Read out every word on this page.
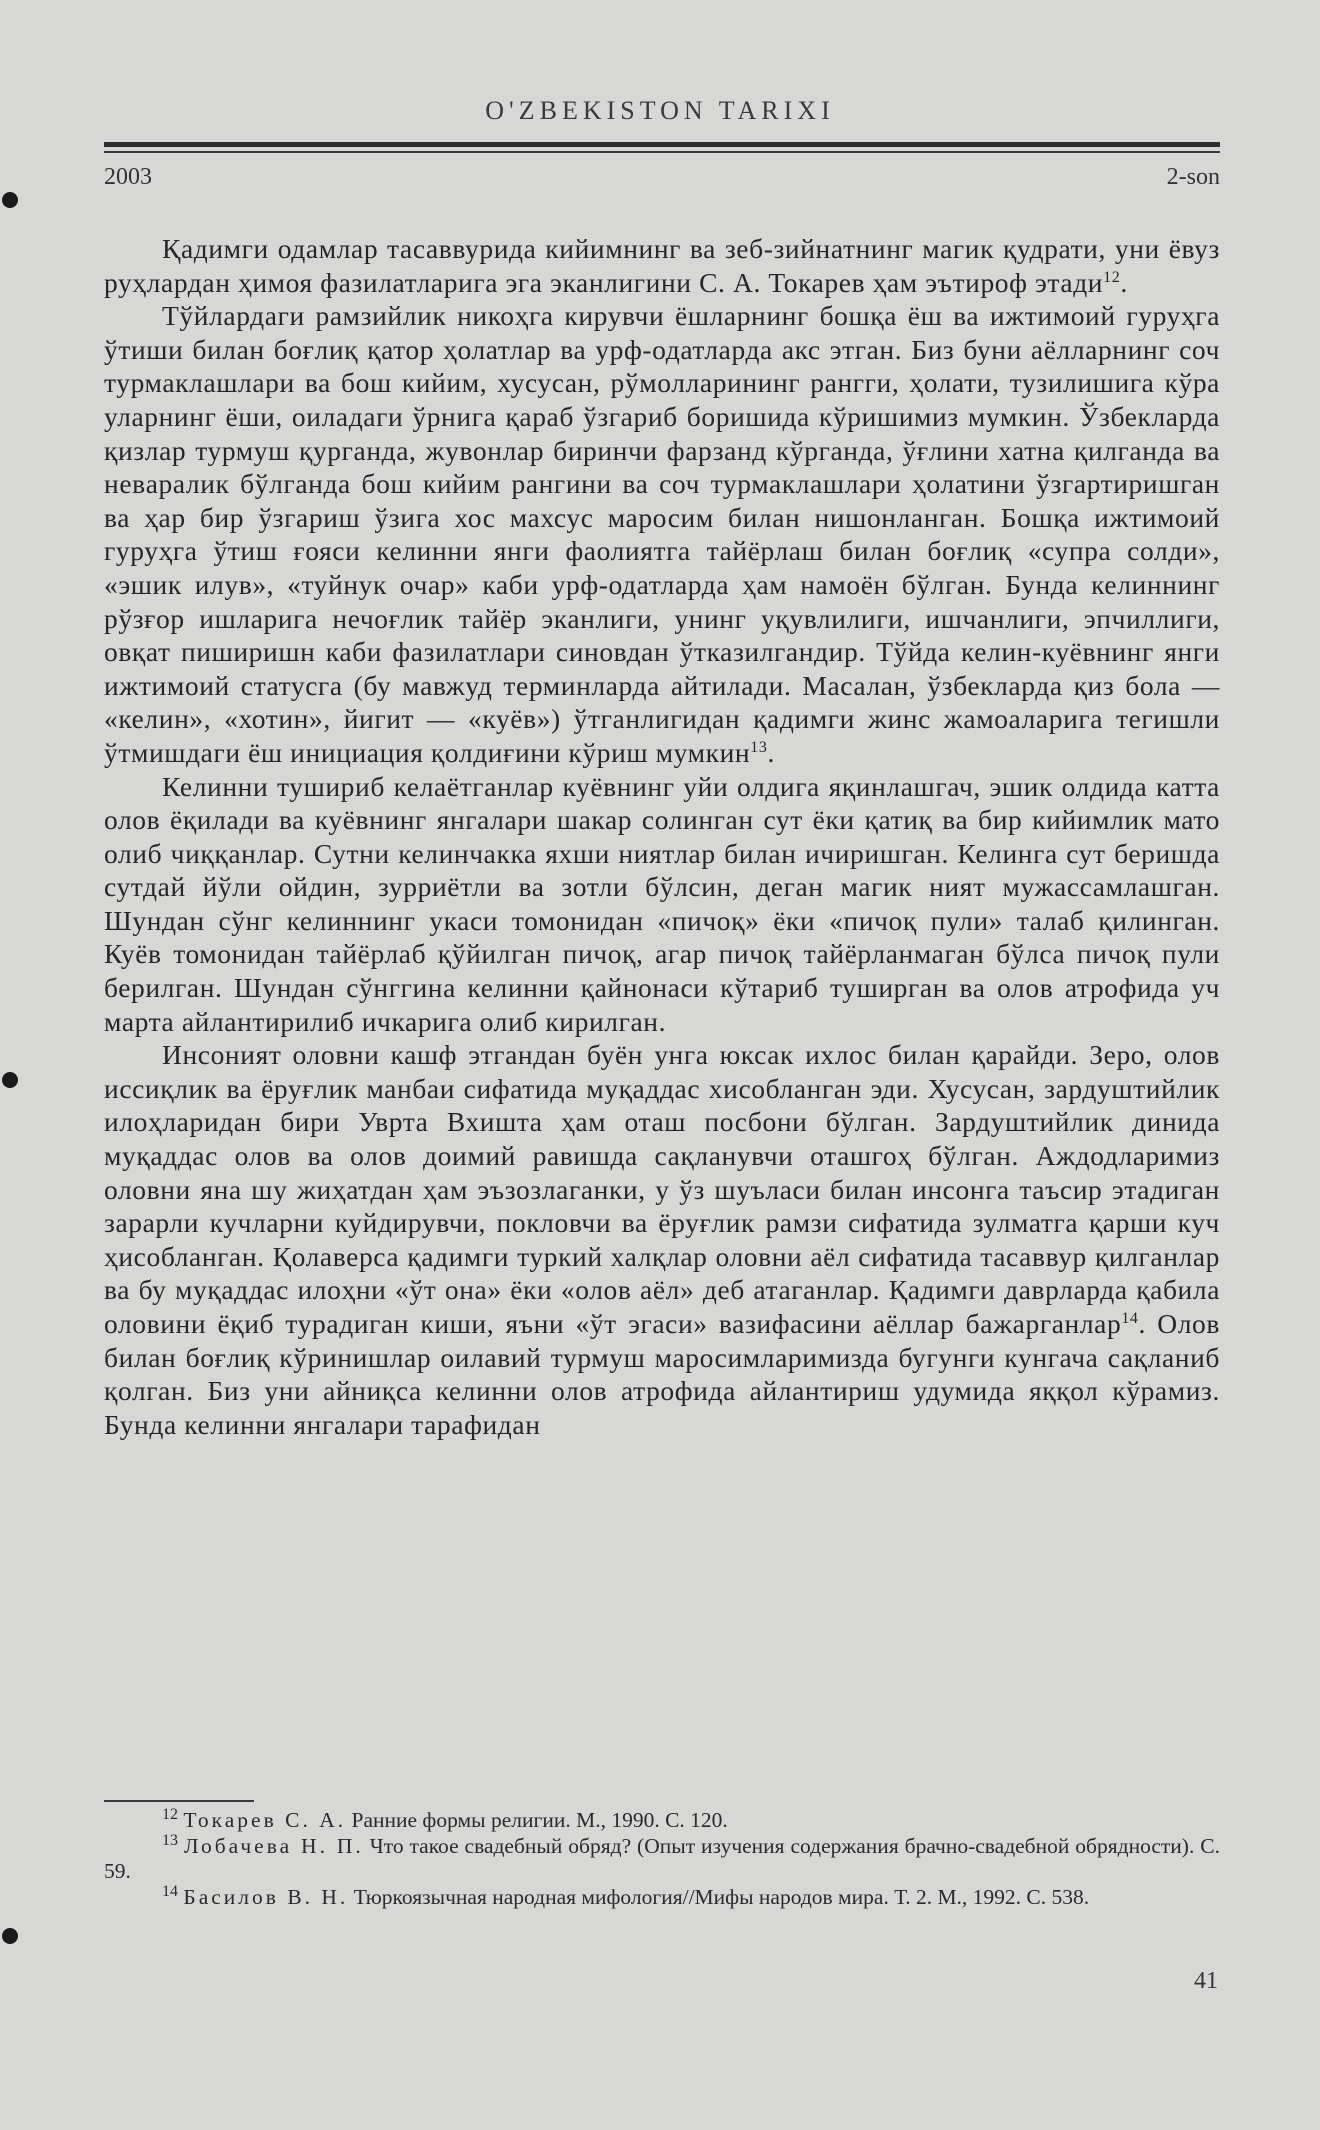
O'ZBEKISTON TARIXI
2003	2-son

Қадимги одамлар тасаввурида кийимнинг ва зеб-зийнатнинг магик қудрати, уни ёвуз руҳлардан ҳимоя фазилатларига эга эканлигини С. А. Токарев ҳам эътироф этади$^{12}$.

Тўйлардаги рамзийлик никоҳга кирувчи ёшларнинг бошқа ёш ва ижтимоий гуруҳга ўтиши билан боғлиқ қатор ҳолатлар ва урф-одатларда акс этган. Биз буни аёлларнинг соч турмаклашлари ва бош кийим, хусусан, рўмолларининг рангги, ҳолати, тузилишига кўра уларнинг ёши, оиладаги ўрнига қараб ўзгариб боришида кўришимиз мумкин. Ўзбекларда қизлар турмуш қурганда, жувонлар биринчи фарзанд кўрганда, ўғлини хатна қилганда ва невaралик бўлганда бош кийим рангини ва соч турмаклашлари ҳолатини ўзгартиришган ва ҳар бир ўзгариш ўзига хос махсус маросим билан нишонланган. Бошқа ижтимоий гуруҳга ўтиш ғояси келинни янги фаолиятга тайёрлаш билан боғлиқ «супра солди», «эшик илув», «туйнук очар» каби урф-одатларда ҳам намоён бўлган. Бунда келиннинг рўзғор ишларига нечоғлик тайёр эканлиги, унинг уқувлилиги, ишчанлиги, эпчиллиги, овқат пиширишн каби фазилатлари синовдан ўтказилгандир. Тўйда келин-куёвнинг янги ижтимоий статусга (бу мавжуд терминларда айтилади. Масалан, ўзбекларда қиз бола — «келин», «хотин», йигит — «куёв») ўтганлигидан қадимги жинс жамоаларига тегишли ўтмишдаги ёш инициация қолдиғини кўриш мумкин$^{13}$.

Келинни тушириб келаётганлар куёвнинг уйи олдига яқинлашгач, эшик олдида катта олов ёқилади ва куёвнинг янгалари шакар солинган сут ёки қатиқ ва бир кийимлик мато олиб чиққанлар. Сутни келинчакка яхши ниятлар билан ичиришган. Келинга сут беришда сутдай йўли ойдин, зурриётли ва зотли бўлсин, деган магик ният мужассамлашган. Шундан сўнг келиннинг укаси томонидан «пичоқ» ёки «пичоқ пули» талаб қилинган. Куёв томонидан тайёрлаб қўйилган пичоқ, агар пичоқ тайёрланмаган бўлса пичоқ пули берилган. Шундан сўнггина келинни қайнонаси кўтариб туширган ва олов атрофида уч марта айлантирилиб ичкарига олиб кирилган.

Инсоният оловни кашф этгандан буён унга юксак ихлос билан қарайди. Зеро, олов иссиқлик ва ёруғлик манбаи сифатида муқаддас хисобланган эди. Хусусан, зардуштийлик илоҳларидан бири Уврта Вхишта ҳам оташ посбони бўлган. Зардуштийлик динида муқаддас олов ва олов доимий равишда сақланувчи оташгоҳ бўлган. Аждодларимиз оловни яна шу жиҳатдан ҳам эъзозлаганки, у ўз шуъласи билан инсонга таъсир этадиган зарарли кучларни куйдирувчи, поклoвчи ва ёруғлик рамзи сифатида зулматга қарши куч ҳисобланган. Қолаверса қадимги туркий халқлар оловни аёл сифатида тасаввур қилганлар ва бу муқаддас илоҳни «ўт она» ёки «олов аёл» деб атаганлар. Қадимги даврларда қабила оловини ёқиб турадиган киши, яъни «ўт эгаси» вазифасини аёллар бажарганлар$^{14}$. Олов билан боғлиқ кўринишлар оилавий турмуш маросимларимизда бугунги кунгача сақланиб қолган. Биз уни айниқса келинни олов атрофида айлантириш удумида яққол кўрамиз. Бунда келинни янгалари тарафидан

$^{12}$ Токарев С. А. Ранние формы религии. М., 1990. С. 120.

$^{13}$ Лобачева Н. П. Что такое свадебный обряд? (Опыт изучения содержания брачно-свадебной обрядности). С. 59.

$^{14}$ Басилов В. Н. Тюркоязычная народная мифология//Мифы народов мира. Т. 2. М., 1992. С. 538.

41
